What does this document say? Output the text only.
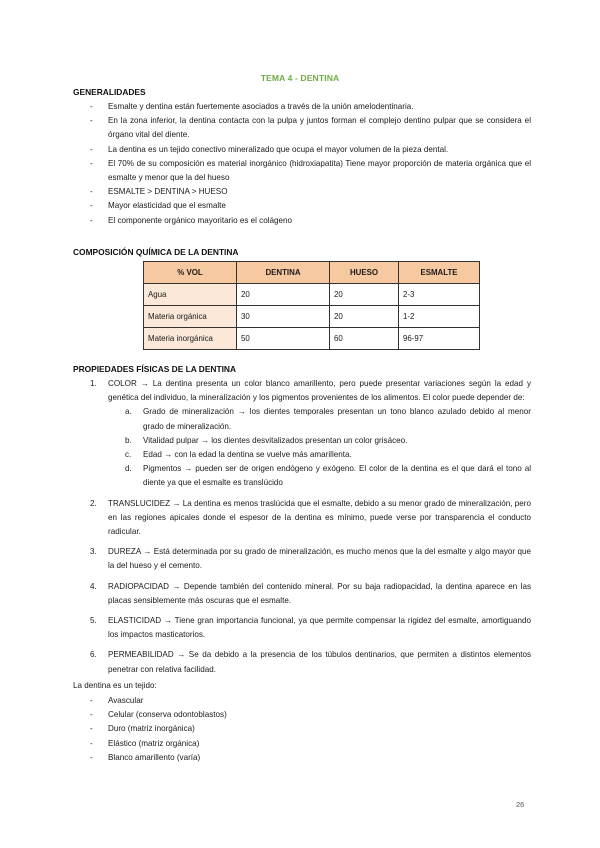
TEMA 4 - DENTINA
GENERALIDADES
- Esmalte y dentina están fuertemente asociados a través de la unión amelodentinaria.
- En la zona inferior, la dentina contacta con la pulpa y juntos forman el complejo dentino pulpar que se considera el órgano vital del diente.
- La dentina es un tejido conectivo mineralizado que ocupa el mayor volumen de la pieza dental.
- El 70% de su composición es material inorgánico (hidroxiapatita) Tiene mayor proporción de materia orgánica que el esmalte y menor que la del hueso
- ESMALTE > DENTINA > HUESO
- Mayor elasticidad que el esmalte
- El componente orgánico mayoritario es el colágeno
COMPOSICIÓN QUÍMICA DE LA DENTINA
% VOL	DENTINA	HUESO	ESMALTE
Agua	20	20	2-3
Materia orgánica	30	20	1-2
Materia inorgánica	50	60	96-97
PROPIEDADES FÍSICAS DE LA DENTINA
1. COLOR → La dentina presenta un color blanco amarillento, pero puede presentar variaciones según la edad y genética del individuo, la mineralización y los pigmentos provenientes de los alimentos. El color puede depender de:
a. Grado de mineralización → los dientes temporales presentan un tono blanco azulado debido al menor grado de mineralización.
b. Vitalidad pulpar → los dientes desvitalizados presentan un color grisáceo.
c. Edad → con la edad la dentina se vuelve más amarillenta.
d. Pigmentos → pueden ser de origen endógeno y exógeno. El color de la dentina es el que dará el tono al diente ya que el esmalte es translúcido
2. TRANSLUCIDEZ → La dentina es menos traslúcida que el esmalte, debido a su menor grado de mineralización, pero en las regiones apicales donde el espesor de la dentina es mínimo, puede verse por transparencia el conducto radicular.
3. DUREZA → Está determinada por su grado de mineralización, es mucho menos que la del esmalte y algo mayor que la del hueso y el cemento.
4. RADIOPACIDAD → Depende también del contenido mineral. Por su baja radiopacidad, la dentina aparece en las placas sensiblemente más oscuras que el esmalte.
5. ELASTICIDAD → Tiene gran importancia funcional, ya que permite compensar la rigidez del esmalte, amortiguando los impactos masticatorios.
6. PERMEABILIDAD → Se da debido a la presencia de los túbulos dentinarios, que permiten a distintos elementos penetrar con relativa facilidad.
La dentina es un tejido:
- Avascular
- Celular (conserva odontoblastos)
- Duro (matriz inorgánica)
- Elástico (matriz orgánica)
- Blanco amarillento (varía)
26
